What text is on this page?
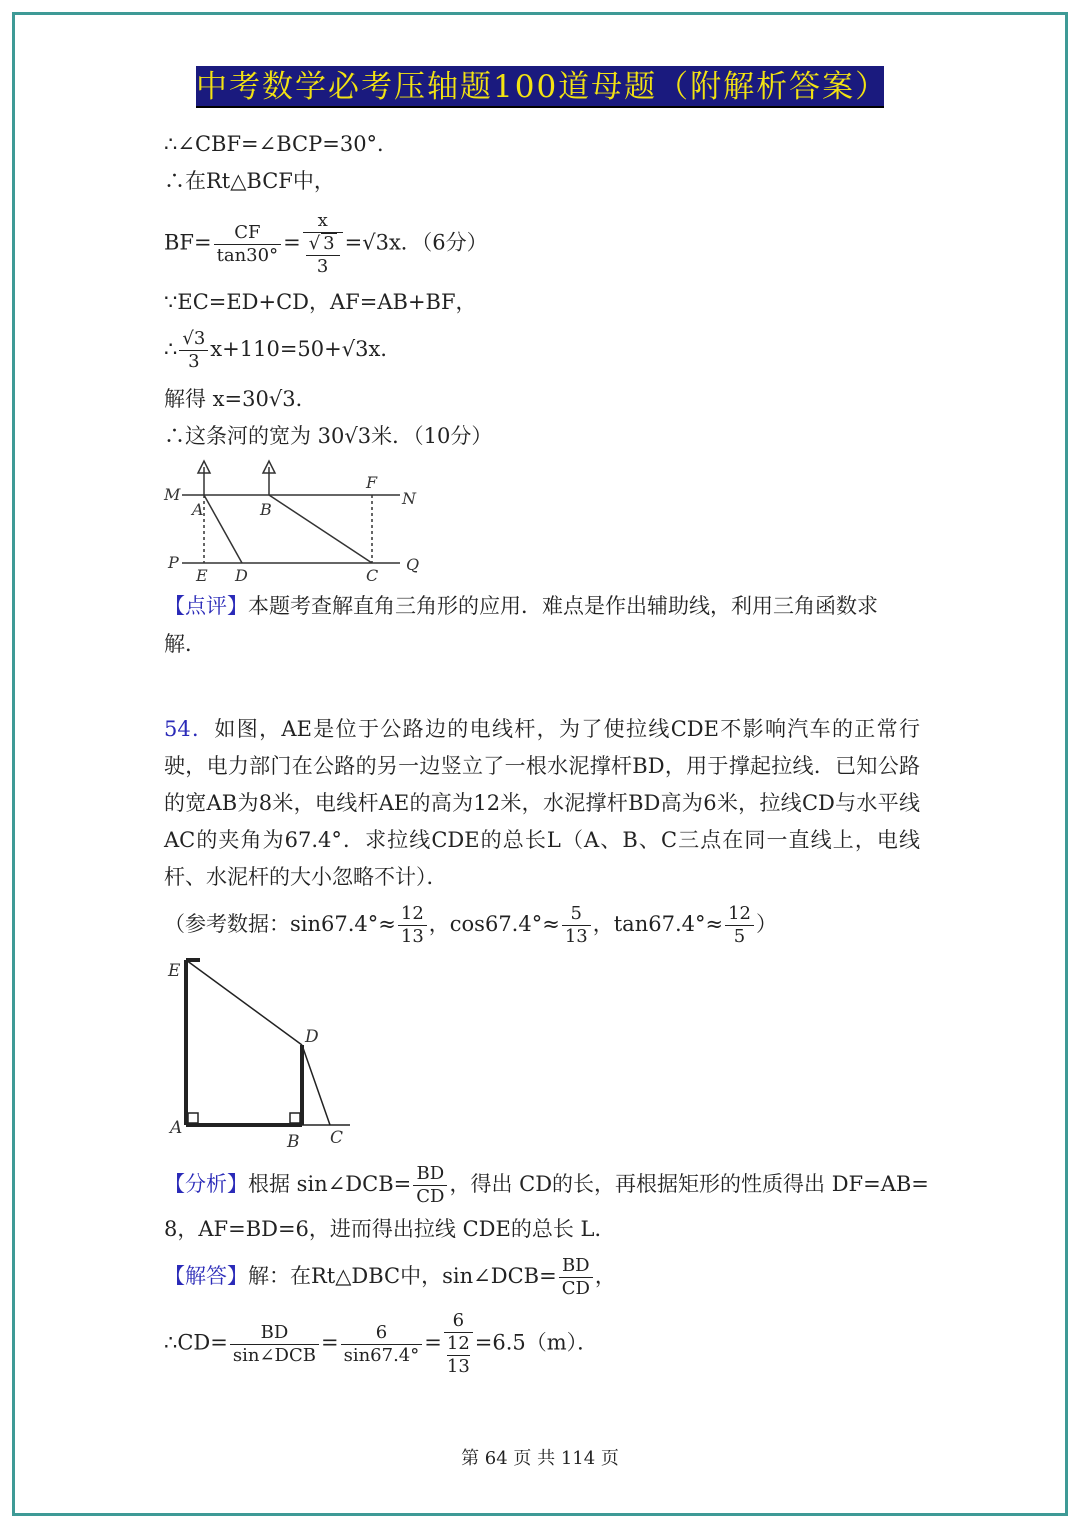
中考数学必考压轴题100道母题（附解析答案）
∴∠CBF=∠BCP=30°．
∴在Rt△BCF中，
$BF= \frac{CF}{\tan 30^\circ} = x$
√ 3
3 =√3x．（6分）
∵EC=ED+CD，AF=AB+BF，
∴ $\frac{√3}{3} x+110=50+√3x$．
解得 x=30√3．
∴这条河的宽为 30√3米．（10分）
M	N
A	B
F
P	Q
E D	C
【点评】本题考查解直角三角形的应用．难点是作出辅助线，利用三角函数求
解．
54．如图，AE是位于公路边的电线杆，为了使拉线CDE不影响汽车的正常行驶，电力部门在公路的另一边竖立了一根水泥撑杆BD，用于撑起拉线．已知公路的宽AB为8米，电线杆AE的高为12米，水泥撑杆BD高为6米，拉线CD与水平线AC的夹角为67.4°．求拉线CDE的总长L（A、B、C三点在同一直线上，电线杆、水泥杆的大小忽略不计）．
（参考数据：$\sin 67.4^\circ\approx \frac{12}{13}$ ，$\cos 67.4^\circ\approx \frac{5}{13}$ ，$\tan 67.4^\circ\approx \frac{12}{5}$ ）
E
D
A
B C
【分析】根据 sin∠DCB= $\frac{BD}{CD}$ ，得出 CD的长，再根据矩形的性质得出 DF=AB=
8，AF=BD=6，进而得出拉线 CDE的总长 L．
【解答】解：在Rt△DBC中，sin∠DCB= $\frac{BD}{CD}$ ，
∴CD= $\frac{BD}{\text{sin∠DCB}} = \frac{6}{\sin 67.4^\circ} = 6$
12
13 =6.5（m）．
第 64 页 共 114 页
